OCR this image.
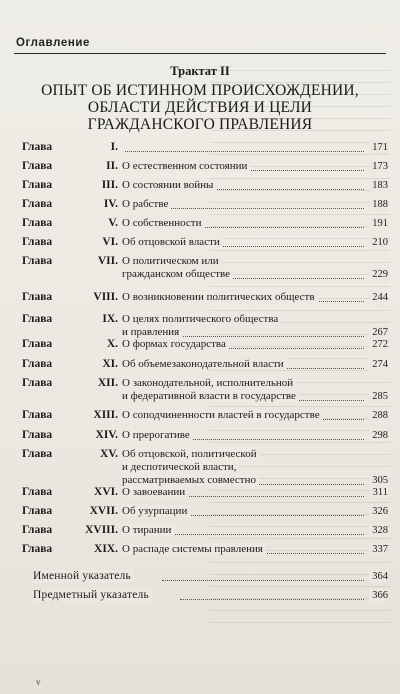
Оглавление
Трактат II
ОПЫТ ОБ ИСТИННОМ ПРОИСХОЖДЕНИИ,
ОБЛАСТИ ДЕЙСТВИЯ И ЦЕЛИ
ГРАЖДАНСКОГО ПРАВЛЕНИЯ
Глава	I.	171
Глава	II. О естественном состоянии	173
Глава	III. О состоянии войны	183
Глава	IV. О рабстве	188
Глава	V. О собственности	191
Глава	VI. Об отцовской власти	210
Глава	VII. О политическом или
гражданском обществе	229
Глава	VIII. О возникновении политических обществ	244
Глава	IX. О целях политического общества
и правления	267
Глава	X. О формах государства	272
Глава	XI. Об объемезаконодательной власти	274
Глава	XII. О законодательной, исполнительной
и федеративной власти в государстве	285
Глава	XIII. О соподчиненности властей в государстве	288
Глава	XIV. О прерогативе	298
Глава	XV. Об отцовской, политической
и деспотической власти,
рассматриваемых совместно	305
Глава	XVI. О завоевании	311
Глава	XVII. Об узурпации	326
Глава	XVIII. О тирании	328
Глава	XIX. О распаде системы правления	337
Именной указатель	364
Предметный указатель	366
v
